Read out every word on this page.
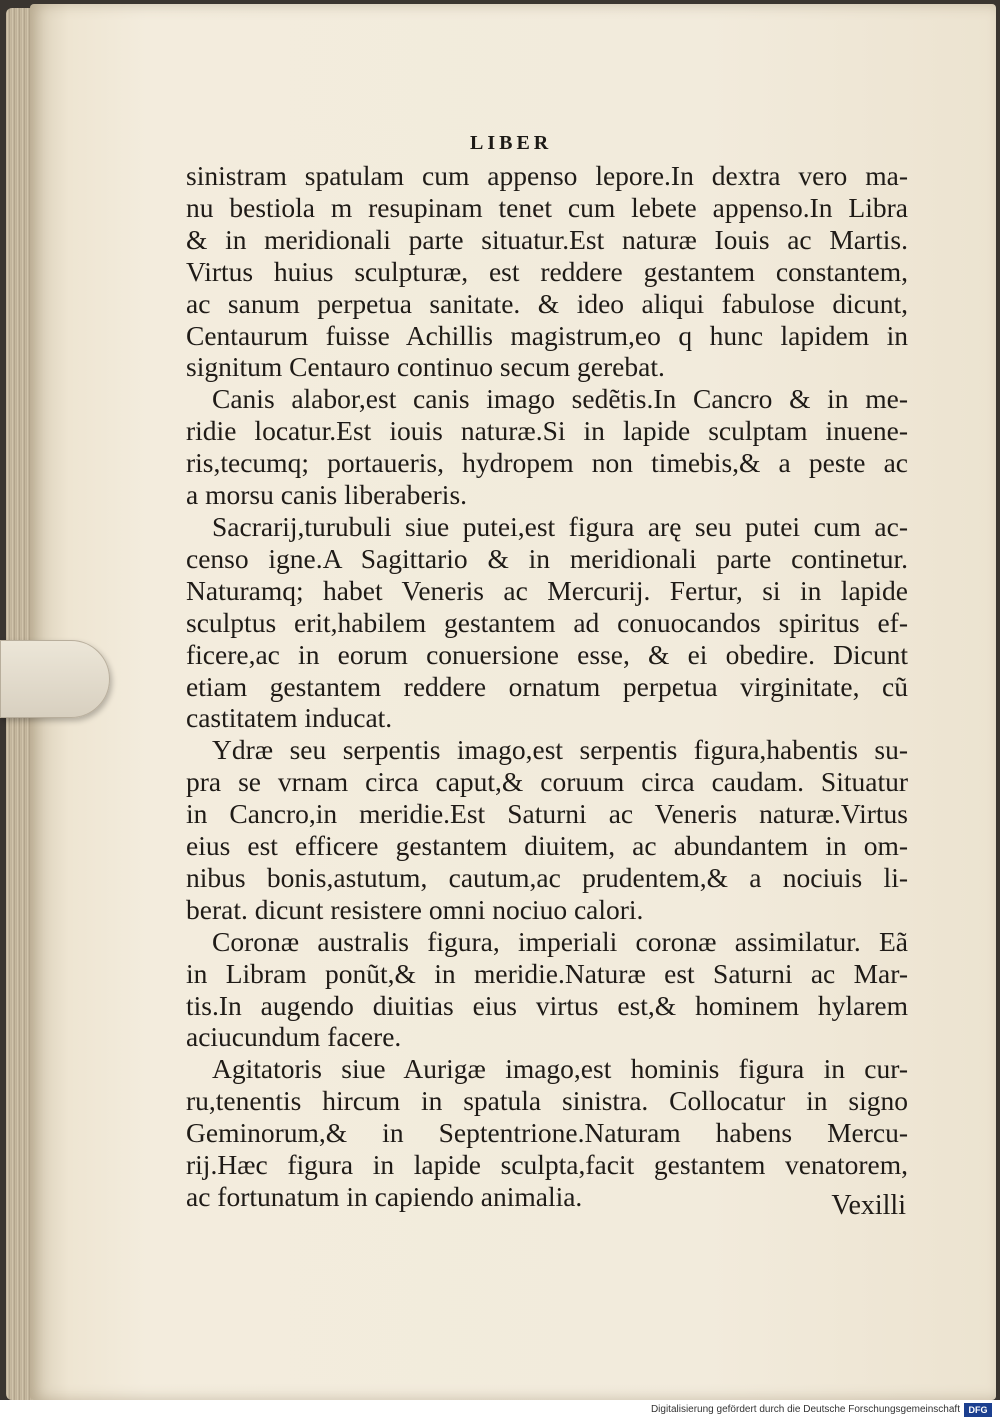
LIBER
sinistram spatulam cum appenso lepore.In dextra vero ma-
nu bestiola m resupinam tenet cum lebete appenso.In Libra
& in meridionali parte situatur.Est naturæ Iouis ac Martis.
Virtus huius sculpturæ, est reddere gestantem constantem,
ac sanum perpetua sanitate. & ideo aliqui fabulose dicunt,
Centaurum fuisse Achillis magistrum,eo q hunc lapidem in
signitum Centauro continuo secum gerebat.
Canis alabor,est canis imago sedẽtis.In Cancro & in me-
ridie locatur.Est iouis naturæ.Si in lapide sculptam inuene-
ris,tecumq; portaueris, hydropem non timebis,& a peste ac
a morsu canis liberaberis.
Sacrarij,turubuli siue putei,est figura arę seu putei cum ac-
censo igne.A Sagittario & in meridionali parte continetur.
Naturamq; habet Veneris ac Mercurij. Fertur, si in lapide
sculptus erit,habilem gestantem ad conuocandos spiritus ef-
ficere,ac in eorum conuersione esse, & ei obedire. Dicunt
etiam gestantem reddere ornatum perpetua virginitate, cũ
castitatem inducat.
Ydræ seu serpentis imago,est serpentis figura,habentis su-
pra se vrnam circa caput,& coruum circa caudam. Situatur
in Cancro,in meridie.Est Saturni ac Veneris naturæ.Virtus
eius est efficere gestantem diuitem, ac abundantem in om-
nibus bonis,astutum, cautum,ac prudentem,& a nociuis li-
berat. dicunt resistere omni nociuo calori.
Coronæ australis figura, imperiali coronæ assimilatur. Eã
in Libram ponũt,& in meridie.Naturæ est Saturni ac Mar-
tis.In augendo diuitias eius virtus est,& hominem hylarem
aciucundum facere.
Agitatoris siue Aurigæ imago,est hominis figura in cur-
ru,tenentis hircum in spatula sinistra. Collocatur in signo
Geminorum,& in Septentrione.Naturam habens Mercu-
rij.Hæc figura in lapide sculpta,facit gestantem venatorem,
ac fortunatum in capiendo animalia.	Vexilli
Digitalisierung gefördert durch die Deutsche Forschungsgemeinschaft DFG
